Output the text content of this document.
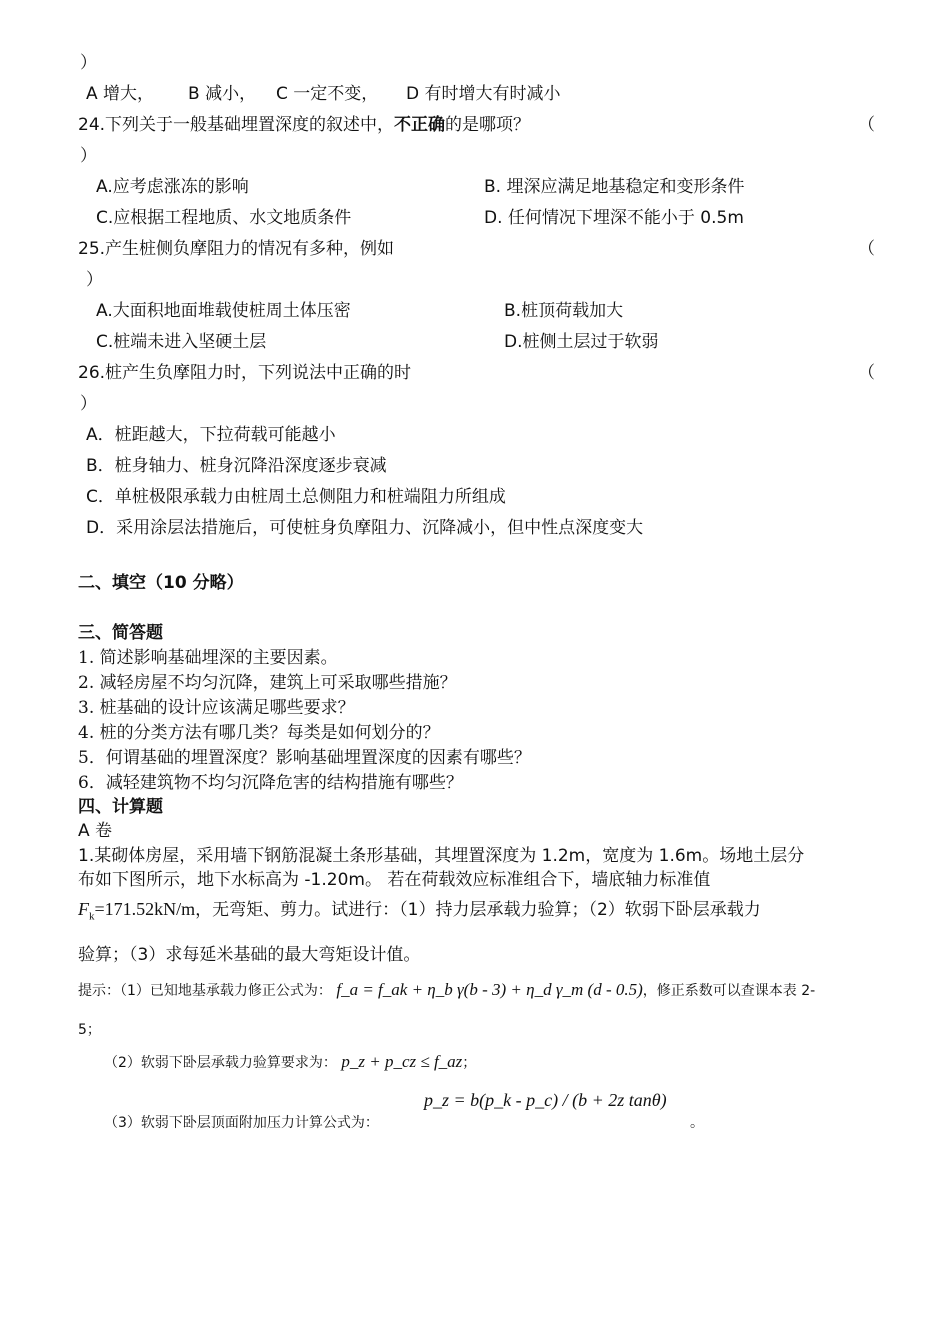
）
A 增大， B 减小， C 一定不变， D 有时增大有时减小
24.下列关于一般基础埋置深度的叙述中，不正确的是哪项？	（
）
A.应考虑涨冻的影响	B. 埋深应满足地基稳定和变形条件
C.应根据工程地质、水文地质条件	D. 任何情况下埋深不能小于 0.5m
25.产生桩侧负摩阻力的情况有多种，例如	（
）
A.大面积地面堆载使桩周土体压密	B.桩顶荷载加大
C.桩端未进入坚硬土层	D.桩侧土层过于软弱
26.桩产生负摩阻力时，下列说法中正确的时	（
）
A．桩距越大，下拉荷载可能越小
B．桩身轴力、桩身沉降沿深度逐步衰减
C．单桩极限承载力由桩周土总侧阻力和桩端阻力所组成
D．采用涂层法措施后，可使桩身负摩阻力、沉降减小，但中性点深度变大
二、填空（10 分略）
三、简答题
1. 简述影响基础埋深的主要因素。
2. 减轻房屋不均匀沉降，建筑上可采取哪些措施？
3. 桩基础的设计应该满足哪些要求？
4. 桩的分类方法有哪几类？每类是如何划分的？
5．何谓基础的埋置深度？影响基础埋置深度的因素有哪些？
6．减轻建筑物不均匀沉降危害的结构措施有哪些？
四、计算题
A 卷
1.某砌体房屋，采用墙下钢筋混凝土条形基础，其埋置深度为 1.2m，宽度为 1.6m。场地土层分
布如下图所示，地下水标高为 -1.20m。 若在荷载效应标准组合下，墙底轴力标准值
$F_k=171.52kN/m$，无弯矩、剪力。试进行：（1）持力层承载力验算；（2）软弱下卧层承载力
验算；（3）求每延米基础的最大弯矩设计值。
提示：（1）已知地基承载力修正公式为： f_a = f_ak + η_b γ(b - 3) + η_d γ_m (d - 0.5)，修正系数可以查课本表 2-
5；
（2）软弱下卧层承载力验算要求为： p_z + p_cz ≤ f_az；
（3）软弱下卧层顶面附加压力计算公式为：
p_z = b(p_k - p_c) / (b + 2z tanθ)
。
